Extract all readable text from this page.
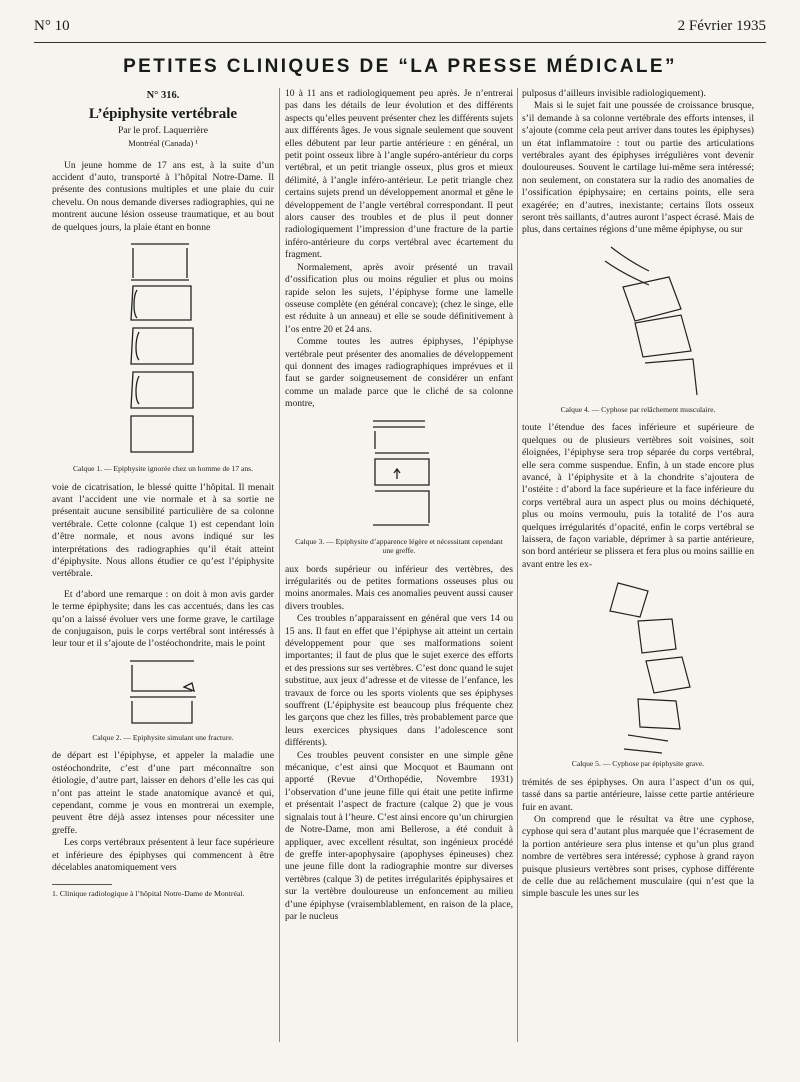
N° 10	2 Février 1935
PETITES CLINIQUES DE “LA PRESSE MÉDICALE”
N° 316.
L’épiphysite vertébrale
Par le prof. Laquerrière
Montréal (Canada) ¹

Un jeune homme de 17 ans est, à la suite d’un accident d’auto, transporté à l’hôpital Notre-Dame. Il présente des contusions multiples et une plaie du cuir chevelu. On nous demande diverses radiographies, qui ne montrent aucune lésion osseuse traumatique, et au bout de quelques jours, la plaie étant en bonne

Calque 1. — Epiphysite ignorée chez un homme de 17 ans.

voie de cicatrisation, le blessé quitte l’hôpital. Il menait avant l’accident une vie normale et à sa sortie ne présentait aucune sensibilité particulière de sa colonne vertébrale. Cette colonne (calque 1) est cependant loin d’être normale, et nous avons indiqué sur les interprétations des radiographies qu’il était atteint d’épiphysite. Nous allons étudier ce qu’est l’épiphysite vertébrale.

Et d’abord une remarque : on doit à mon avis garder le terme épiphysite; dans les cas accentués, dans les cas qu’on a laissé évoluer vers une forme grave, le cartilage de conjugaison, puis le corps vertébral sont intéressés à leur tour et il s’ajoute de l’ostéochondrite, mais le point

Calque 2. — Epiphysite simulant une fracture.

de départ est l’épiphyse, et appeler la maladie une ostéochondrite, c’est d’une part méconnaître son étiologie, d’autre part, laisser en dehors d’elle les cas qui n’ont pas atteint le stade anatomique avancé et qui, cependant, comme je vous en montrerai un exemple, peuvent être déjà assez intenses pour nécessiter une greffe.

Les corps vertébraux présentent à leur face supérieure et inférieure des épiphyses qui commencent à être décelables anatomiquement vers

1. Clinique radiologique à l’hôpital Notre-Dame de Montréal.

10 à 11 ans et radiologiquement peu après. Je n’entrerai pas dans les détails de leur évolution et des différents aspects qu’elles peuvent présenter chez les différents sujets aux différents âges. Je vous signale seulement que souvent elles débutent par leur partie antérieure : en général, un petit point osseux libre à l’angle supéro-antérieur du corps vertébral, et un petit triangle osseux, plus gros et mieux délimité, à l’angle inféro-antérieur. Le petit triangle chez certains sujets prend un développement anormal et gêne le développement de l’angle vertébral correspondant. Il peut alors causer des troubles et de plus il peut donner radiologiquement l’impression d’une fracture de la partie inféro-antérieure du corps vertébral avec écartement du fragment.

Normalement, après avoir présenté un travail d’ossification plus ou moins régulier et plus ou moins rapide selon les sujets, l’épiphyse forme une lamelle osseuse complète (en général concave); (chez le singe, elle est réduite à un anneau) et elle se soude définitivement à l’os entre 20 et 24 ans.

Comme toutes les autres épiphyses, l’épiphyse vertébrale peut présenter des anomalies de développement qui donnent des images radiographiques imprévues et il faut se garder soigneusement de considérer un enfant comme un malade parce que le cliché de sa colonne montre,

Calque 3. — Epiphysite d’apparence légère et nécessitant cependant une greffe.

aux bords supérieur ou inférieur des vertèbres, des irrégularités ou de petites formations osseuses plus ou moins anormales. Mais ces anomalies peuvent aussi causer divers troubles.

Ces troubles n’apparaissent en général que vers 14 ou 15 ans. Il faut en effet que l’épiphyse ait atteint un certain développement pour que ses malformations soient importantes; il faut de plus que le sujet exerce des efforts et des pressions sur ses vertèbres. C’est donc quand le sujet substitue, aux jeux d’adresse et de vitesse de l’enfance, les travaux de force ou les sports violents que ses épiphyses souffrent (L’épiphysite est beaucoup plus fréquente chez les garçons que chez les filles, très probablement parce que leurs exercices physiques dans l’adolescence sont différents).

Ces troubles peuvent consister en une simple gêne mécanique, c’est ainsi que Mocquot et Baumann ont apporté (Revue d’Orthopédie, Novembre 1931) l’observation d’une jeune fille qui était une petite infirme et présentait l’aspect de fracture (calque 2) que je vous signalais tout à l’heure. C’est ainsi encore qu’un chirurgien de Notre-Dame, mon ami Bellerose, a été conduit à appliquer, avec excellent résultat, son ingénieux procédé de greffe inter-apophysaire (apophyses épineuses) chez une jeune fille dont la radiographie montre sur diverses vertèbres (calque 3) de petites irrégularités épiphysaires et sur la vertèbre douloureuse un enfoncement au milieu d’une épiphyse (vraisemblablement, en raison de la place, par le nucleus

pulposus d’ailleurs invisible radiologiquement).

Mais si le sujet fait une poussée de croissance brusque, s’il demande à sa colonne vertébrale des efforts intenses, il s’ajoute (comme cela peut arriver dans toutes les épiphyses) un état inflammatoire : tout ou partie des articulations vertébrales ayant des épiphyses irrégulières vont devenir douloureuses. Souvent le cartilage lui-même sera intéressé; non seulement, on constatera sur la radio des anomalies de l’ossification épiphysaire; en certains points, elle sera exagérée; en d’autres, inexistante; certains îlots osseux seront très saillants, d’autres auront l’aspect écrasé. Mais de plus, dans certaines régions d’une même épiphyse, ou sur

Calque 4. — Cyphose par relâchement musculaire.

toute l’étendue des faces inférieure et supérieure de quelques ou de plusieurs vertèbres soit voisines, soit éloignées, l’épiphyse sera trop séparée du corps vertébral, elle sera comme suspendue. Enfin, à un stade encore plus avancé, à l’épiphysite et à la chondrite s’ajoutera de l’ostéite : d’abord la face supérieure et la face inférieure du corps vertébral aura un aspect plus ou moins déchiqueté, plus ou moins vermoulu, puis la totalité de l’os aura quelques irrégularités d’opacité, enfin le corps vertébral se laissera, de façon variable, déprimer à sa partie antérieure, son bord antérieur se plissera et fera plus ou moins saillie en avant entre les ex-

Calque 5. — Cyphose par épiphysite grave.

trémités de ses épiphyses. On aura l’aspect d’un os qui, tassé dans sa partie antérieure, laisse cette partie antérieure fuir en avant.

On comprend que le résultat va être une cyphose, cyphose qui sera d’autant plus marquée que l’écrasement de la portion antérieure sera plus intense et qu’un plus grand nombre de vertèbres sera intéressé; cyphose à grand rayon puisque plusieurs vertèbres sont prises, cyphose différente de celle due au relâchement musculaire (qui n’est que la simple bascule les unes sur les
